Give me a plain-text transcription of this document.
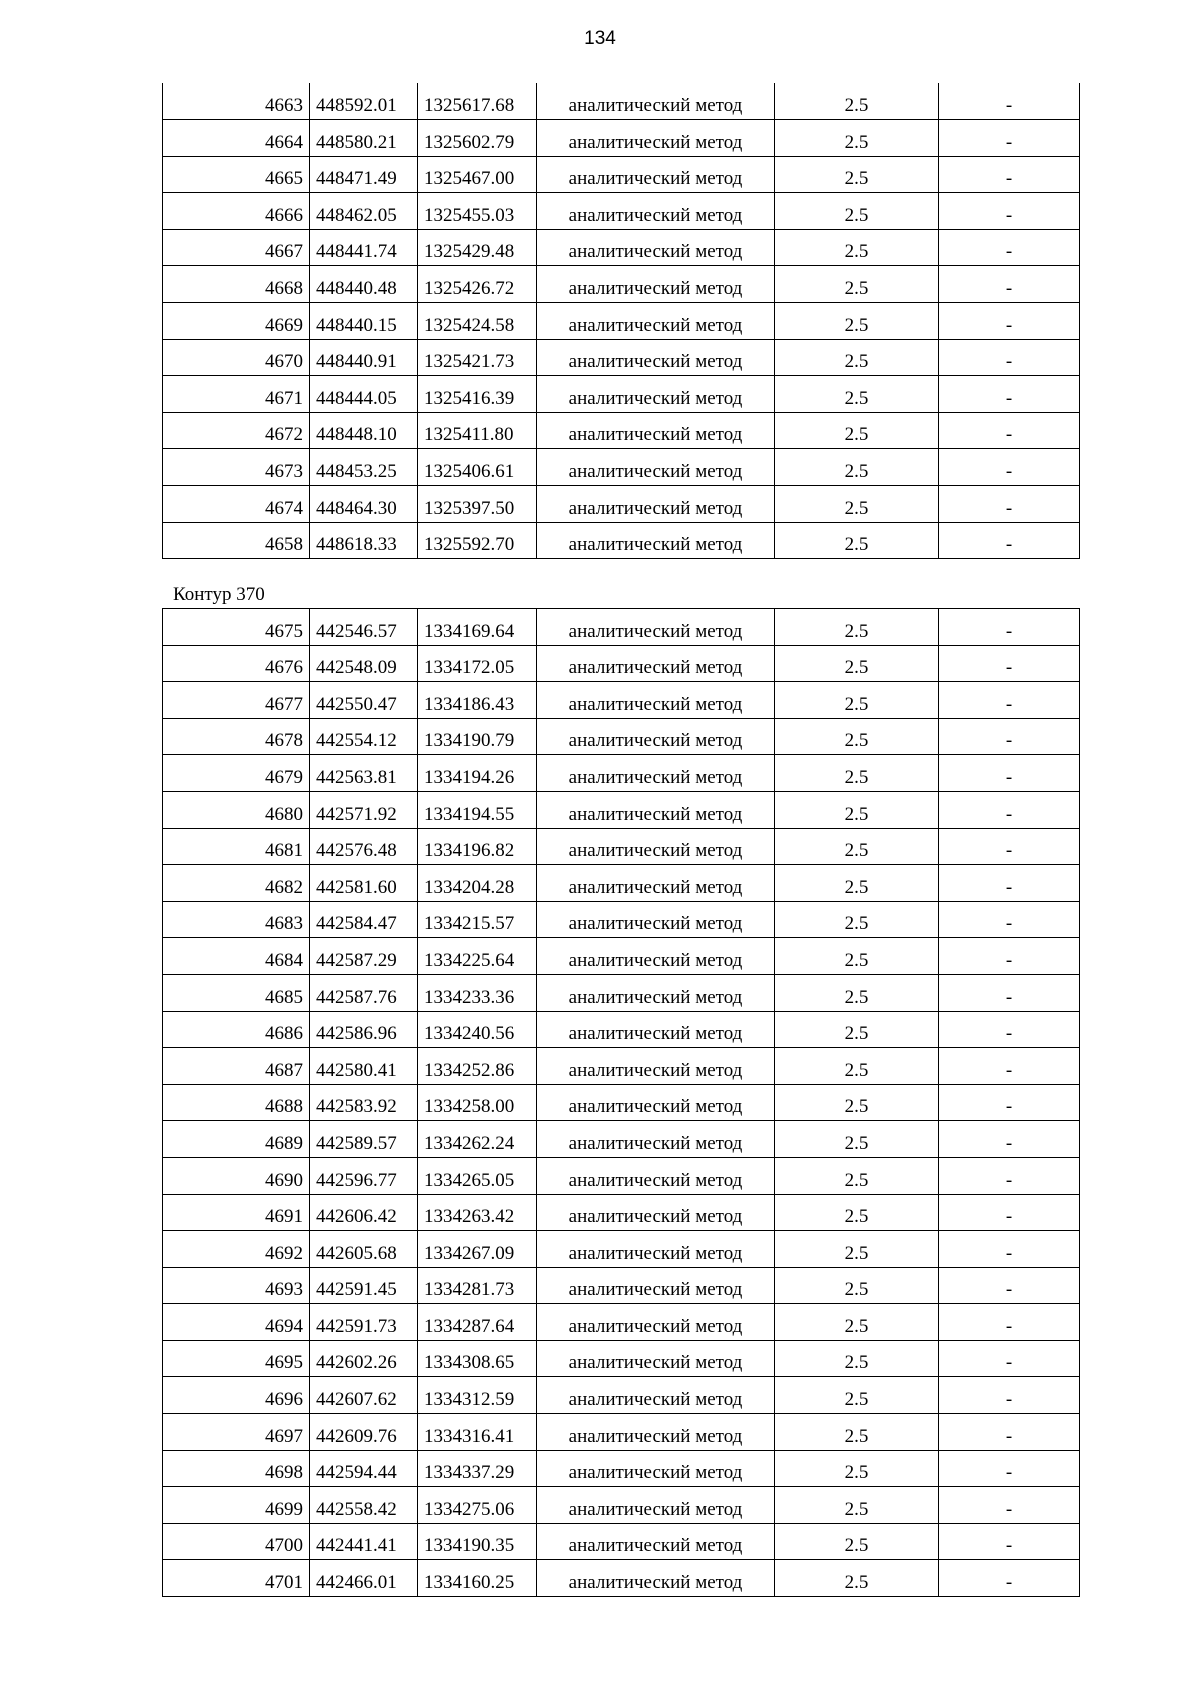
134
4663	448592.01	1325617.68	аналитический метод	2.5	-
4664	448580.21	1325602.79	аналитический метод	2.5	-
4665	448471.49	1325467.00	аналитический метод	2.5	-
4666	448462.05	1325455.03	аналитический метод	2.5	-
4667	448441.74	1325429.48	аналитический метод	2.5	-
4668	448440.48	1325426.72	аналитический метод	2.5	-
4669	448440.15	1325424.58	аналитический метод	2.5	-
4670	448440.91	1325421.73	аналитический метод	2.5	-
4671	448444.05	1325416.39	аналитический метод	2.5	-
4672	448448.10	1325411.80	аналитический метод	2.5	-
4673	448453.25	1325406.61	аналитический метод	2.5	-
4674	448464.30	1325397.50	аналитический метод	2.5	-
4658	448618.33	1325592.70	аналитический метод	2.5	-
Контур 370
4675	442546.57	1334169.64	аналитический метод	2.5	-
4676	442548.09	1334172.05	аналитический метод	2.5	-
4677	442550.47	1334186.43	аналитический метод	2.5	-
4678	442554.12	1334190.79	аналитический метод	2.5	-
4679	442563.81	1334194.26	аналитический метод	2.5	-
4680	442571.92	1334194.55	аналитический метод	2.5	-
4681	442576.48	1334196.82	аналитический метод	2.5	-
4682	442581.60	1334204.28	аналитический метод	2.5	-
4683	442584.47	1334215.57	аналитический метод	2.5	-
4684	442587.29	1334225.64	аналитический метод	2.5	-
4685	442587.76	1334233.36	аналитический метод	2.5	-
4686	442586.96	1334240.56	аналитический метод	2.5	-
4687	442580.41	1334252.86	аналитический метод	2.5	-
4688	442583.92	1334258.00	аналитический метод	2.5	-
4689	442589.57	1334262.24	аналитический метод	2.5	-
4690	442596.77	1334265.05	аналитический метод	2.5	-
4691	442606.42	1334263.42	аналитический метод	2.5	-
4692	442605.68	1334267.09	аналитический метод	2.5	-
4693	442591.45	1334281.73	аналитический метод	2.5	-
4694	442591.73	1334287.64	аналитический метод	2.5	-
4695	442602.26	1334308.65	аналитический метод	2.5	-
4696	442607.62	1334312.59	аналитический метод	2.5	-
4697	442609.76	1334316.41	аналитический метод	2.5	-
4698	442594.44	1334337.29	аналитический метод	2.5	-
4699	442558.42	1334275.06	аналитический метод	2.5	-
4700	442441.41	1334190.35	аналитический метод	2.5	-
4701	442466.01	1334160.25	аналитический метод	2.5	-
